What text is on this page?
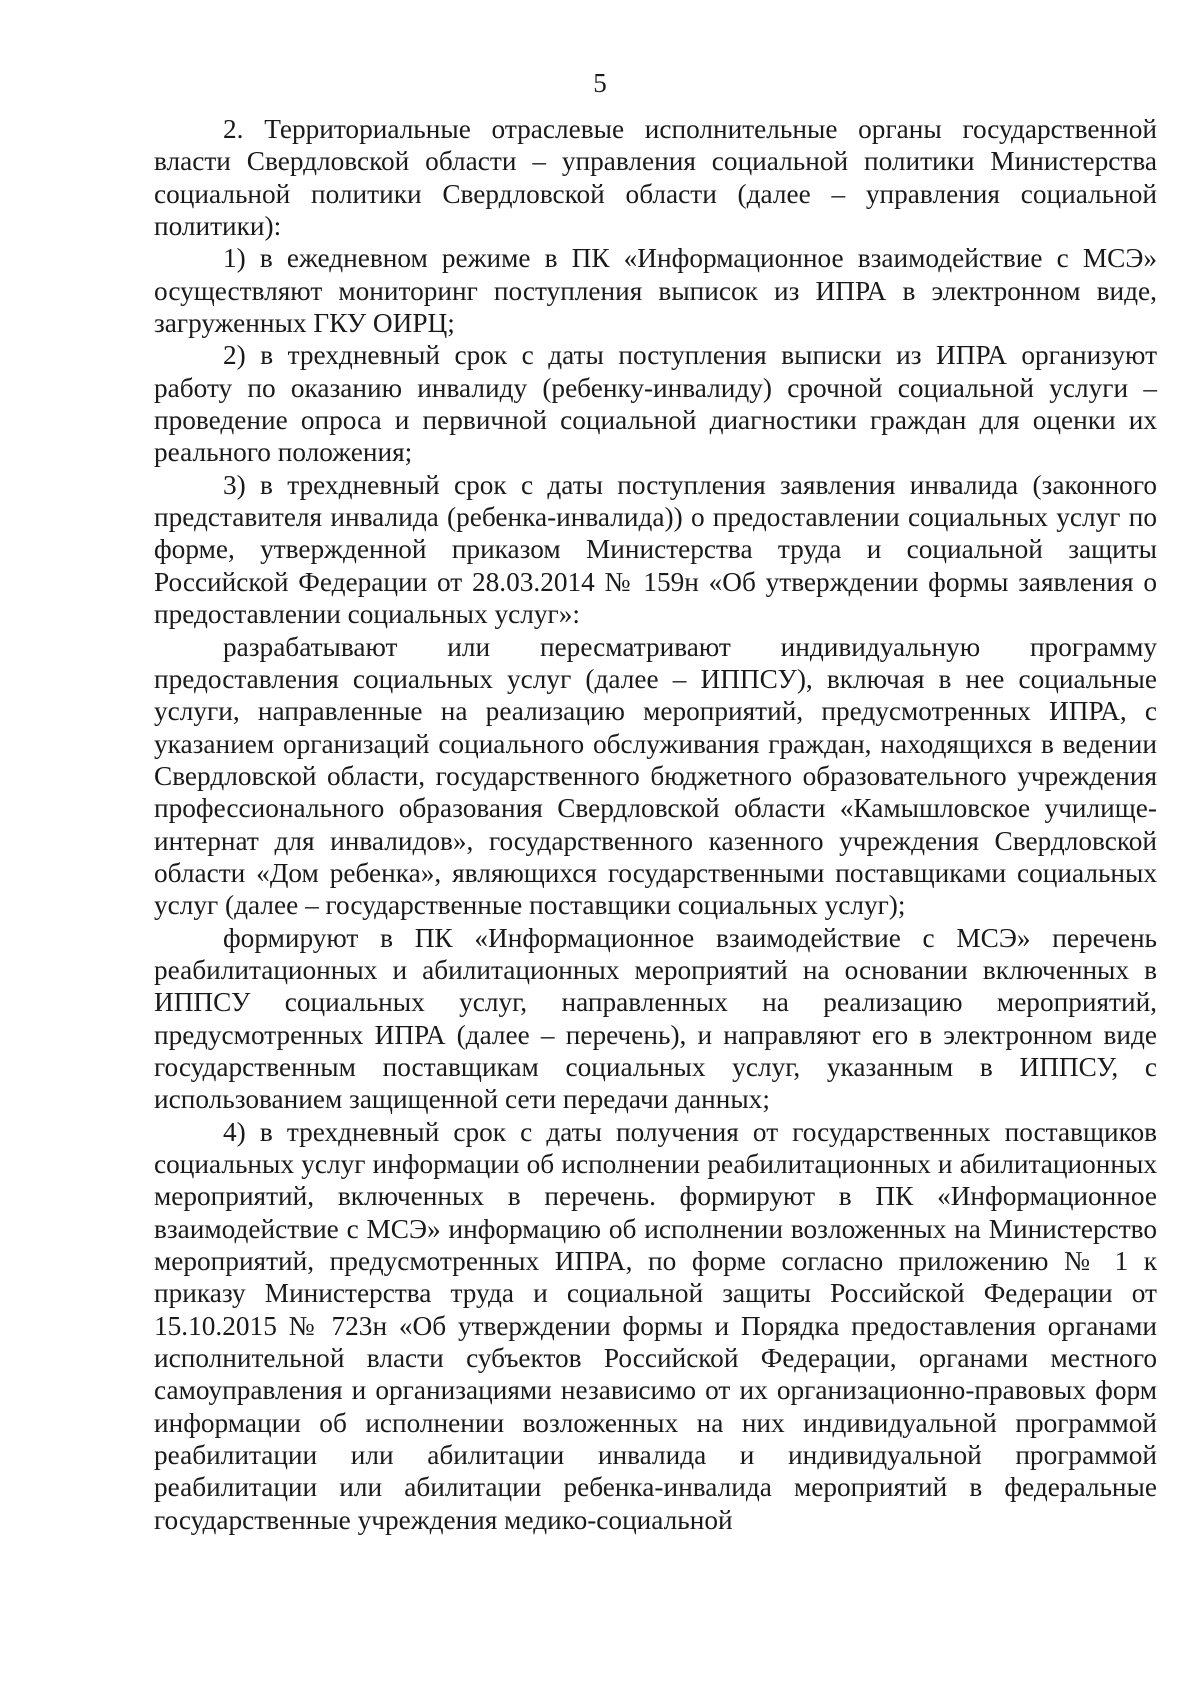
5

2. Территориальные отраслевые исполнительные органы государственной власти Свердловской области – управления социальной политики Министерства социальной политики Свердловской области (далее – управления социальной политики):

1) в ежедневном режиме в ПК «Информационное взаимодействие с МСЭ» осуществляют мониторинг поступления выписок из ИПРА в электронном виде, загруженных ГКУ ОИРЦ;

2) в трехдневный срок с даты поступления выписки из ИПРА организуют работу по оказанию инвалиду (ребенку-инвалиду) срочной социальной услуги – проведение опроса и первичной социальной диагностики граждан для оценки их реального положения;

3) в трехдневный срок с даты поступления заявления инвалида (законного представителя инвалида (ребенка-инвалида)) о предоставлении социальных услуг по форме, утвержденной приказом Министерства труда и социальной защиты Российской Федерации от 28.03.2014 № 159н «Об утверждении формы заявления о предоставлении социальных услуг»:

разрабатывают или пересматривают индивидуальную программу предоставления социальных услуг (далее – ИППСУ), включая в нее социальные услуги, направленные на реализацию мероприятий, предусмотренных ИПРА, с указанием организаций социального обслуживания граждан, находящихся в ведении Свердловской области, государственного бюджетного образовательного учреждения профессионального образования Свердловской области «Камышловское училище-интернат для инвалидов», государственного казенного учреждения Свердловской области «Дом ребенка», являющихся государственными поставщиками социальных услуг (далее – государственные поставщики социальных услуг);

формируют в ПК «Информационное взаимодействие с МСЭ» перечень реабилитационных и абилитационных мероприятий на основании включенных в ИППСУ социальных услуг, направленных на реализацию мероприятий, предусмотренных ИПРА (далее – перечень), и направляют его в электронном виде государственным поставщикам социальных услуг, указанным в ИППСУ, с использованием защищенной сети передачи данных;

4) в трехдневный срок с даты получения от государственных поставщиков социальных услуг информации об исполнении реабилитационных и абилитационных мероприятий, включенных в перечень. формируют в ПК «Информационное взаимодействие с МСЭ» информацию об исполнении возложенных на Министерство мероприятий, предусмотренных ИПРА, по форме согласно приложению № 1 к приказу Министерства труда и социальной защиты Российской Федерации от 15.10.2015 № 723н «Об утверждении формы и Порядка предоставления органами исполнительной власти субъектов Российской Федерации, органами местного самоуправления и организациями независимо от их организационно-правовых форм информации об исполнении возложенных на них индивидуальной программой реабилитации или абилитации инвалида и индивидуальной программой реабилитации или абилитации ребенка-инвалида мероприятий в федеральные государственные учреждения медико-социальной
